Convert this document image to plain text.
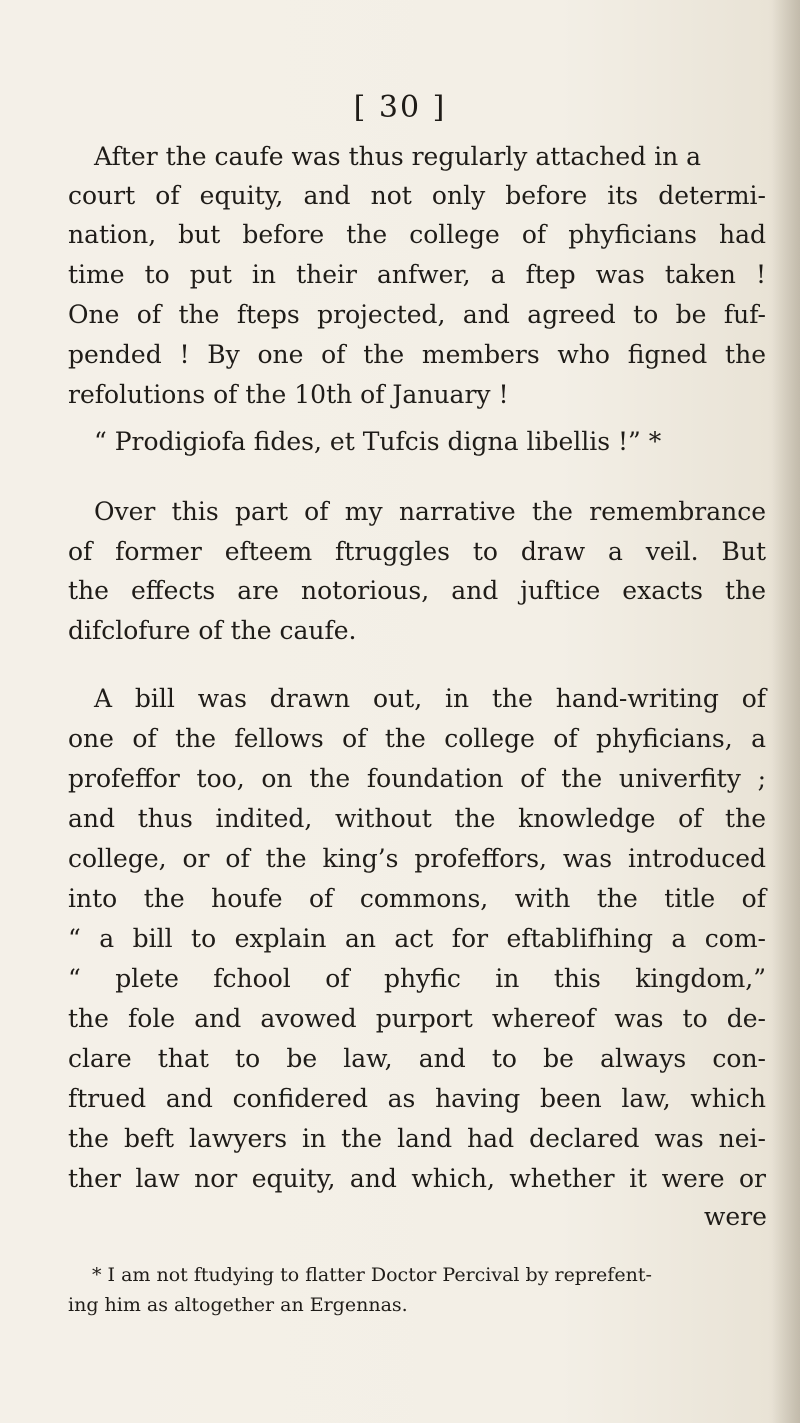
[ 30 ]
After the caufe was thus regularly attached in a
court of equity, and not only before its determi-
nation, but before the college of phyficians had
time to put in their anfwer, a ftep was taken !
One of the fteps projected, and agreed to be fuf-
pended ! By one of the members who figned the
refolutions of the 10th of January !
“ Prodigiofa fides, et Tufcis digna libellis !” *
Over this part of my narrative the remembrance
of former efteem ftruggles to draw a veil. But
the effects are notorious, and juftice exacts the
difclofure of the caufe.
A bill was drawn out, in the hand-writing of
one of the fellows of the college of phyficians, a
profeffor too, on the foundation of the univerfity ;
and thus indited, without the knowledge of the
college, or of the king’s profeffors, was introduced
into the houfe of commons, with the title of
“ a bill to explain an act for eftablifhing a com-
“ plete fchool of phyfic in this kingdom,”
the fole and avowed purport whereof was to de-
clare that to be law, and to be always con-
ftrued and confidered as having been law, which
the beft lawyers in the land had declared was nei-
ther law nor equity, and which, whether it were or
were
* I am not ftudying to flatter Doctor Percival by reprefent-
ing him as altogether an Ergennas.
